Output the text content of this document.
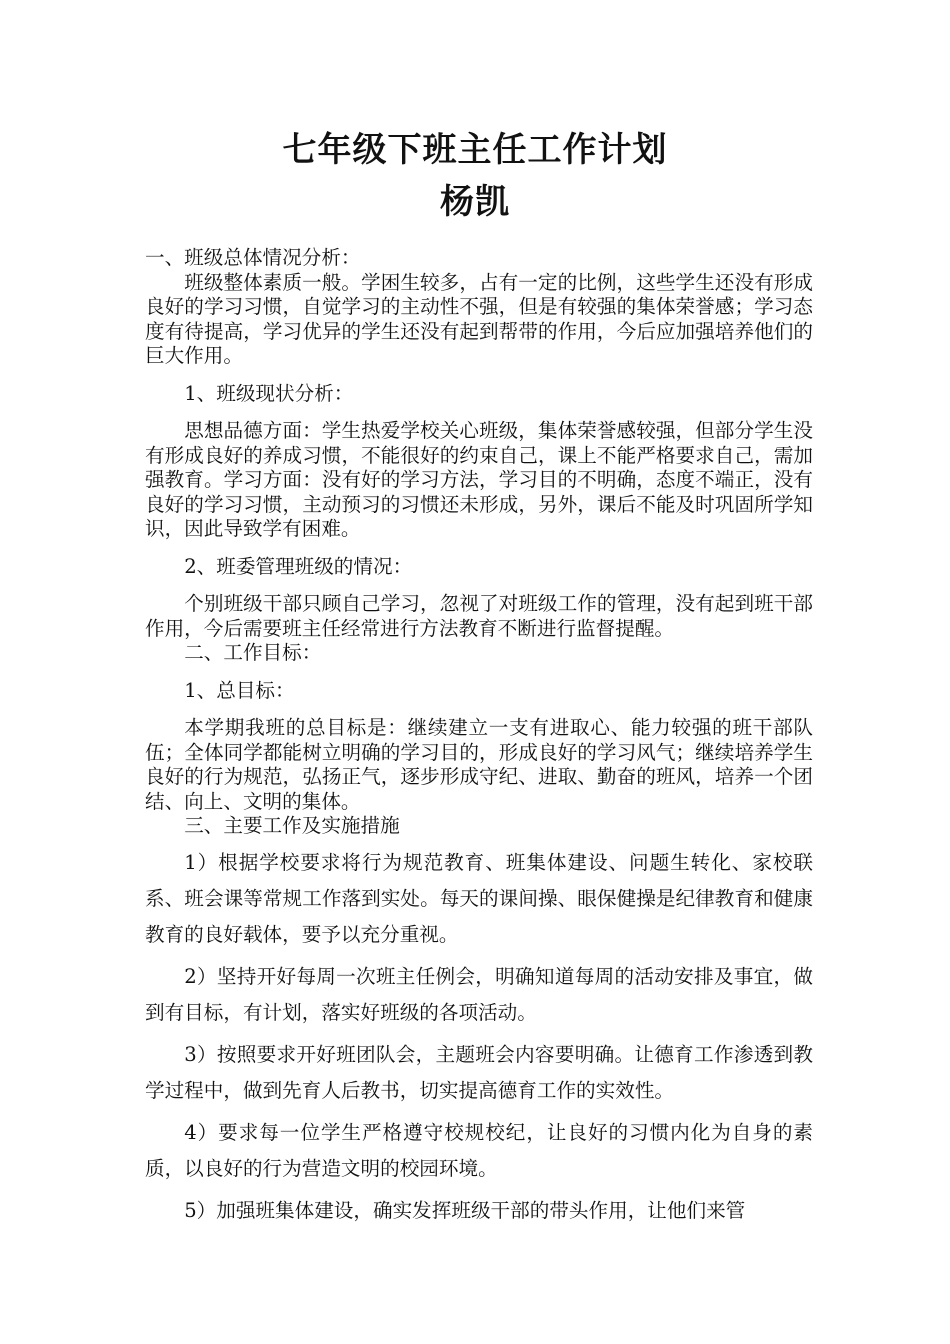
七年级下班主任工作计划
杨凯

一、班级总体情况分析：

班级整体素质一般。学困生较多，占有一定的比例，这些学生还没有形成良好的学习习惯，自觉学习的主动性不强，但是有较强的集体荣誉感；学习态度有待提高，学习优异的学生还没有起到帮带的作用，今后应加强培养他们的巨大作用。

1、班级现状分析：

思想品德方面：学生热爱学校关心班级，集体荣誉感较强，但部分学生没有形成良好的养成习惯，不能很好的约束自己，课上不能严格要求自己，需加强教育。学习方面：没有好的学习方法，学习目的不明确，态度不端正，没有良好的学习习惯，主动预习的习惯还未形成，另外，课后不能及时巩固所学知识，因此导致学有困难。

2、班委管理班级的情况：

个别班级干部只顾自己学习，忽视了对班级工作的管理，没有起到班干部作用，今后需要班主任经常进行方法教育不断进行监督提醒。

二、工作目标：

1、总目标：

本学期我班的总目标是：继续建立一支有进取心、能力较强的班干部队伍；全体同学都能树立明确的学习目的，形成良好的学习风气；继续培养学生良好的行为规范，弘扬正气，逐步形成守纪、进取、勤奋的班风，培养一个团结、向上、文明的集体。

三、主要工作及实施措施

1）根据学校要求将行为规范教育、班集体建设、问题生转化、家校联系、班会课等常规工作落到实处。每天的课间操、眼保健操是纪律教育和健康教育的良好载体，要予以充分重视。

2）坚持开好每周一次班主任例会，明确知道每周的活动安排及事宜，做到有目标，有计划，落实好班级的各项活动。

3）按照要求开好班团队会，主题班会内容要明确。让德育工作渗透到教学过程中，做到先育人后教书，切实提高德育工作的实效性。

4）要求每一位学生严格遵守校规校纪，让良好的习惯内化为自身的素质，以良好的行为营造文明的校园环境。

5）加强班集体建设，确实发挥班级干部的带头作用，让他们来管
